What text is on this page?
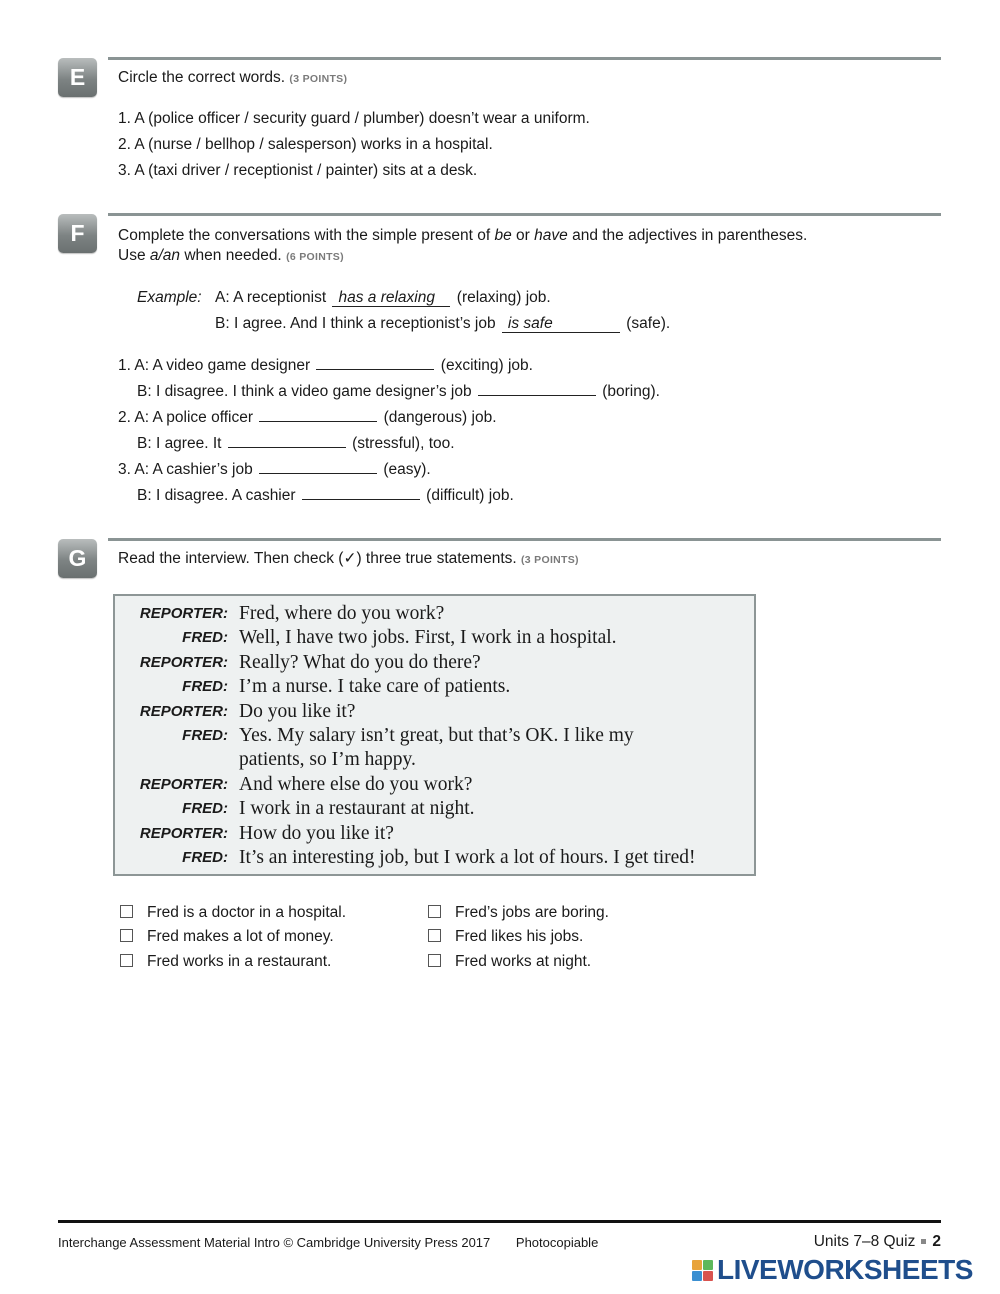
E Circle the correct words. (3 POINTS)
1. A (police officer / security guard / plumber) doesn’t wear a uniform.
2. A (nurse / bellhop / salesperson) works in a hospital.
3. A (taxi driver / receptionist / painter) sits at a desk.
F Complete the conversations with the simple present of be or have and the adjectives in parentheses.
Use a/an when needed. (6 POINTS)
Example: A: A receptionist has a relaxing (relaxing) job.
B: I agree. And I think a receptionist’s job is safe	(safe).
1. A: A video game designer	(exciting) job.
B: I disagree. I think a video game designer’s job	(boring).
2. A: A police officer	(dangerous) job.
B: I agree. It	(stressful), too.
3. A: A cashier’s job	(easy).
B: I disagree. A cashier	(difficult) job.
G Read the interview. Then check (✓) three true statements. (3 POINTS)
REPORTER: Fred, where do you work?
FRED: Well, I have two jobs. First, I work in a hospital.
REPORTER: Really? What do you do there?
FRED: I’m a nurse. I take care of patients.
REPORTER: Do you like it?
FRED: Yes. My salary isn’t great, but that’s OK. I like my patients, so I’m happy.
REPORTER: And where else do you work?
FRED: I work in a restaurant at night.
REPORTER: How do you like it?
FRED: It’s an interesting job, but I work a lot of hours. I get tired!
Fred is a doctor in a hospital.
Fred makes a lot of money.
Fred works in a restaurant.
Fred’s jobs are boring.
Fred likes his jobs.
Fred works at night.
Interchange Assessment Material Intro © Cambridge University Press 2017 Photocopiable	Units 7–8 Quiz 2
LIVEWORKSHEETS
